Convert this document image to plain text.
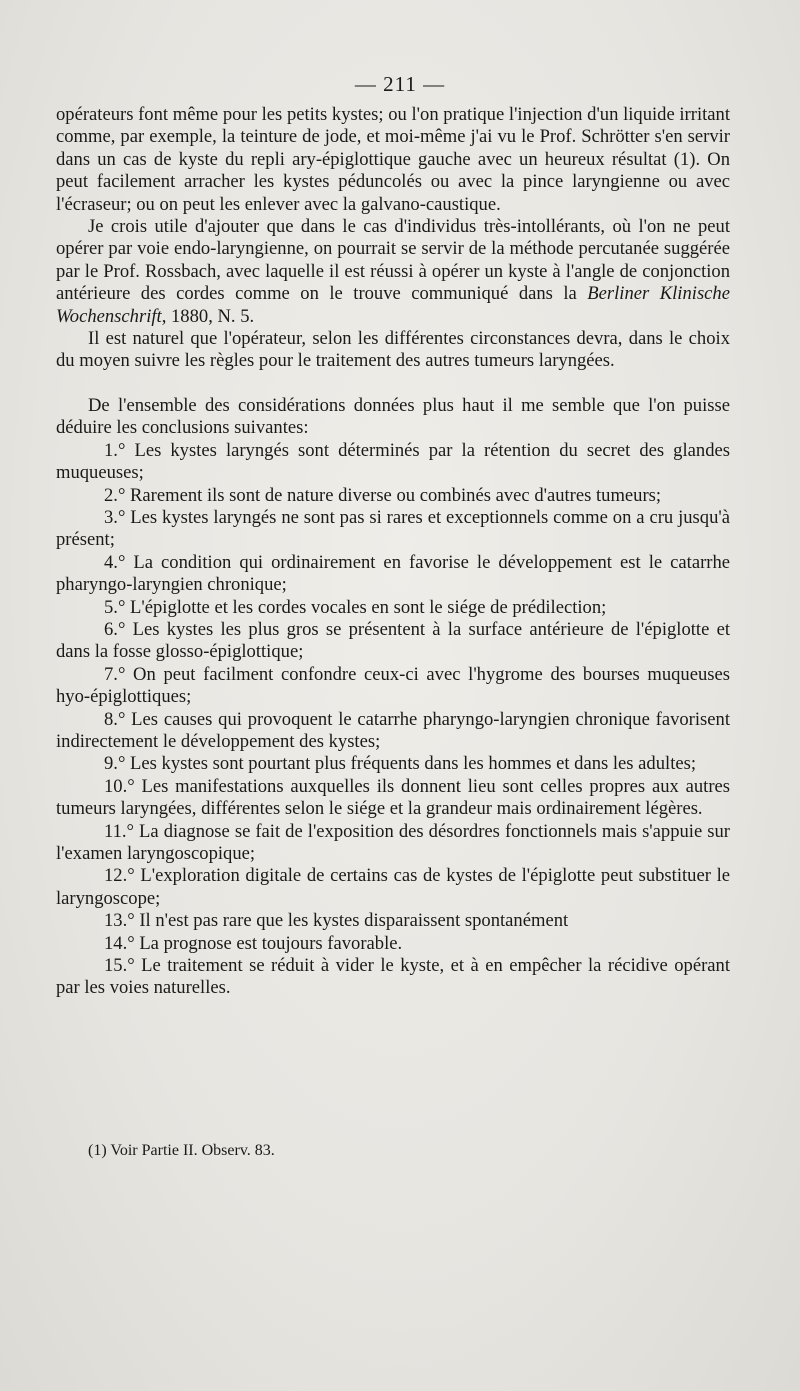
— 211 —

opérateurs font même pour les petits kystes; ou l'on pratique l'injection d'un liquide irritant comme, par exemple, la teinture de jode, et moi-même j'ai vu le Prof. Schrötter s'en servir dans un cas de kyste du repli ary-épiglottique gauche avec un heureux résultat (1). On peut facilement arracher les kystes péduncolés ou avec la pince laryngienne ou avec l'écraseur; ou on peut les enlever avec la galvano-caustique.

Je crois utile d'ajouter que dans le cas d'individus très-intollérants, où l'on ne peut opérer par voie endo-laryngienne, on pourrait se servir de la méthode percutanée suggérée par le Prof. Rossbach, avec laquelle il est réussi à opérer un kyste à l'angle de conjonction antérieure des cordes comme on le trouve communiqué dans la Berliner Klinische Wochenschrift, 1880, N. 5.

Il est naturel que l'opérateur, selon les différentes circonstances devra, dans le choix du moyen suivre les règles pour le traitement des autres tumeurs laryngées.

De l'ensemble des considérations données plus haut il me semble que l'on puisse déduire les conclusions suivantes:

1.° Les kystes laryngés sont déterminés par la rétention du secret des glandes muqueuses;

2.° Rarement ils sont de nature diverse ou combinés avec d'autres tumeurs;

3.° Les kystes laryngés ne sont pas si rares et exceptionnels comme on a cru jusqu'à présent;

4.° La condition qui ordinairement en favorise le développement est le catarrhe pharyngo-laryngien chronique;

5.° L'épiglotte et les cordes vocales en sont le siége de prédilection;

6.° Les kystes les plus gros se présentent à la surface antérieure de l'épiglotte et dans la fosse glosso-épiglottique;

7.° On peut facilment confondre ceux-ci avec l'hygrome des bourses muqueuses hyo-épiglottiques;

8.° Les causes qui provoquent le catarrhe pharyngo-laryngien chronique favorisent indirectement le développement des kystes;

9.° Les kystes sont pourtant plus fréquents dans les hommes et dans les adultes;

10.° Les manifestations auxquelles ils donnent lieu sont celles propres aux autres tumeurs laryngées, différentes selon le siége et la grandeur mais ordinairement légères.

11.° La diagnose se fait de l'exposition des désordres fonctionnels mais s'appuie sur l'examen laryngoscopique;

12.° L'exploration digitale de certains cas de kystes de l'épiglotte peut substituer le laryngoscope;

13.° Il n'est pas rare que les kystes disparaissent spontanément

14.° La prognose est toujours favorable.

15.° Le traitement se réduit à vider le kyste, et à en empêcher la récidive opérant par les voies naturelles.

(1) Voir Partie II. Observ. 83.
